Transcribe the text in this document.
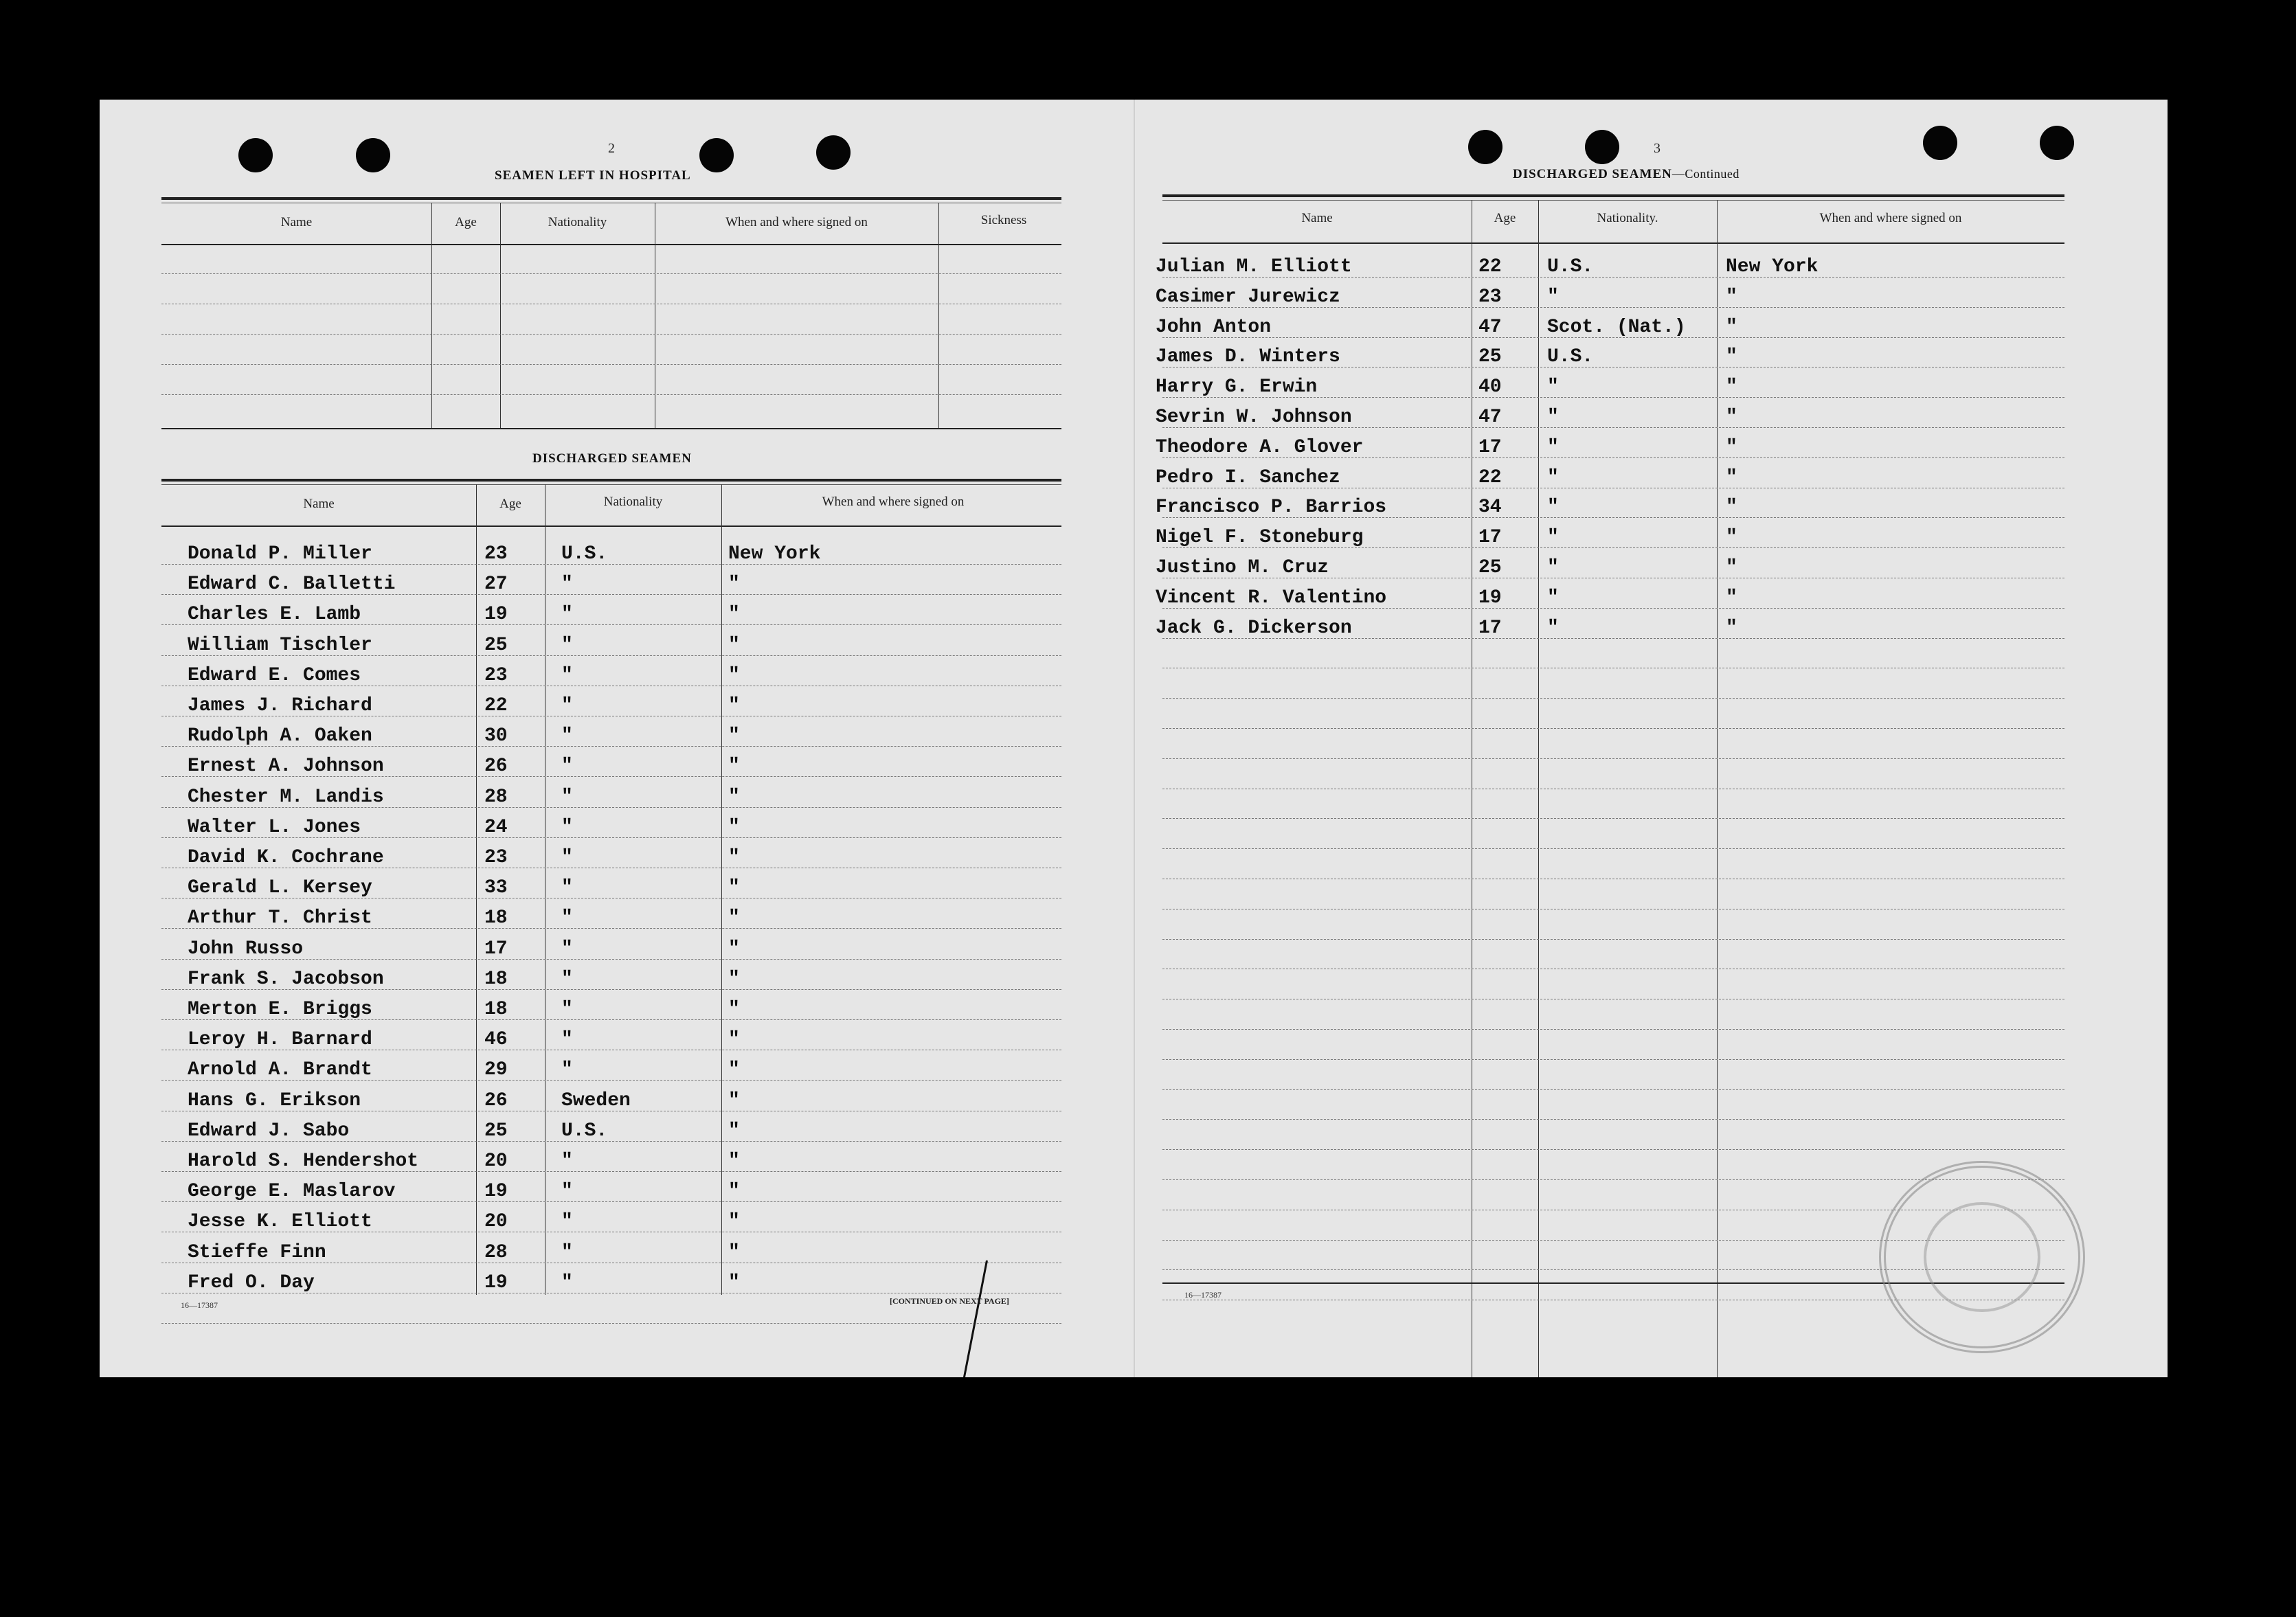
2
SEAMEN LEFT IN HOSPITAL
Name	Age	Nationality	When and where signed on	Sickness
DISCHARGED SEAMEN
Name	Age	Nationality	When and where signed on
Donald P. Miller	23	U.S.	New York
Edward C. Balletti	27	"	"
Charles E. Lamb	19	"	"
William Tischler	25	"	"
Edward E. Comes	23	"	"
James J. Richard	22	"	"
Rudolph A. Oaken	30	"	"
Ernest A. Johnson	26	"	"
Chester M. Landis	28	"	"
Walter L. Jones	24	"	"
David K. Cochrane	23	"	"
Gerald L. Kersey	33	"	"
Arthur T. Christ	18	"	"
John Russo	17	"	"
Frank S. Jacobson	18	"	"
Merton E. Briggs	18	"	"
Leroy H. Barnard	46	"	"
Arnold A. Brandt	29	"	"
Hans G. Erikson	26	Sweden	"
Edward J. Sabo	25	U.S.	"
Harold S. Hendershot	20	"	"
George E. Maslarov	19	"	"
Jesse K. Elliott	20	"	"
Stieffe Finn	28	"	"
Fred O. Day	19	"	"
16—17387	[CONTINUED ON NEXT PAGE]
3
DISCHARGED SEAMEN—Continued
Name	Age	Nationality.	When and where signed on
Julian M. Elliott	22 U.S.	New York
Casimer Jurewicz	23 "	"
John Anton	47 Scot. (Nat.) "
James D. Winters	25 U.S.	"
Harry G. Erwin	40 "	"
Sevrin W. Johnson	47 "	"
Theodore A. Glover	17 "	"
Pedro I. Sanchez	22 "	"
Francisco P. Barrios	34 "	"
Nigel F. Stoneburg	17 "	"
Justino M. Cruz	25 "	"
Vincent R. Valentino	19 "	"
Jack G. Dickerson	17 "	"
16—17387
